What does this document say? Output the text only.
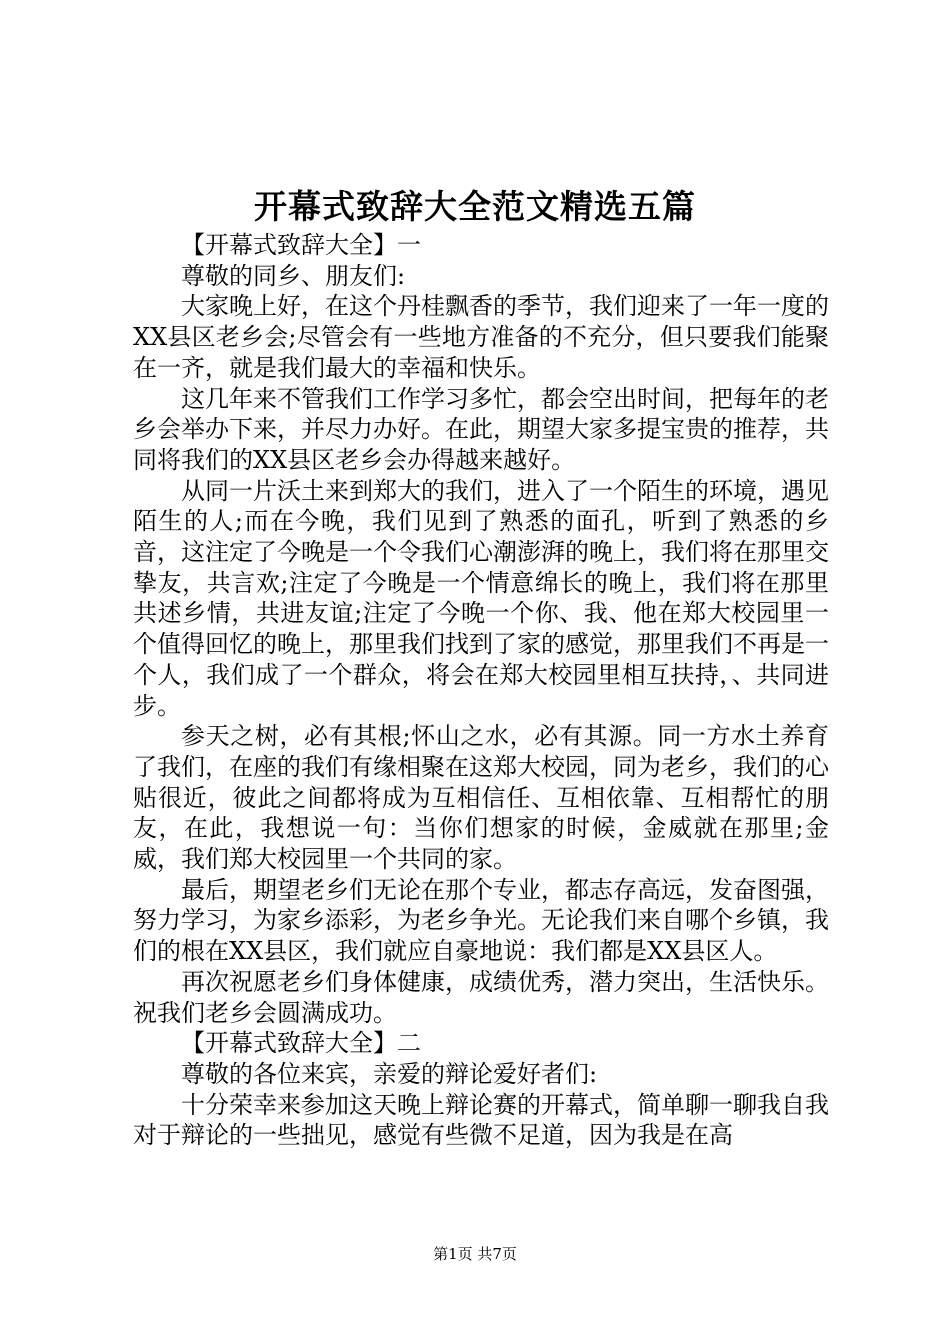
开幕式致辞大全范文精选五篇

【开幕式致辞大全】一

尊敬的同乡、朋友们:

大家晚上好，在这个丹桂飘香的季节，我们迎来了一年一度的XX县区老乡会;尽管会有一些地方准备的不充分，但只要我们能聚在一齐，就是我们最大的幸福和快乐。

这几年来不管我们工作学习多忙，都会空出时间，把每年的老乡会举办下来，并尽力办好。在此，期望大家多提宝贵的推荐，共同将我们的XX县区老乡会办得越来越好。

从同一片沃土来到郑大的我们，进入了一个陌生的环境，遇见陌生的人;而在今晚，我们见到了熟悉的面孔，听到了熟悉的乡音，这注定了今晚是一个令我们心潮澎湃的晚上，我们将在那里交挚友，共言欢;注定了今晚是一个情意绵长的晚上，我们将在那里共述乡情，共进友谊;注定了今晚一个你、我、他在郑大校园里一个值得回忆的晚上，那里我们找到了家的感觉，那里我们不再是一个人，我们成了一个群众，将会在郑大校园里相互扶持，、共同进步。

参天之树，必有其根;怀山之水，必有其源。同一方水土养育了我们，在座的我们有缘相聚在这郑大校园，同为老乡，我们的心贴很近，彼此之间都将成为互相信任、互相依靠、互相帮忙的朋友，在此，我想说一句：当你们想家的时候，金威就在那里;金威，我们郑大校园里一个共同的家。

最后，期望老乡们无论在那个专业，都志存高远，发奋图强，努力学习，为家乡添彩，为老乡争光。无论我们来自哪个乡镇，我们的根在XX县区，我们就应自豪地说：我们都是XX县区人。

再次祝愿老乡们身体健康，成绩优秀，潜力突出，生活快乐。祝我们老乡会圆满成功。

【开幕式致辞大全】二

尊敬的各位来宾，亲爱的辩论爱好者们:

十分荣幸来参加这天晚上辩论赛的开幕式，简单聊一聊我自我对于辩论的一些拙见，感觉有些微不足道，因为我是在高

第1页 共7页
